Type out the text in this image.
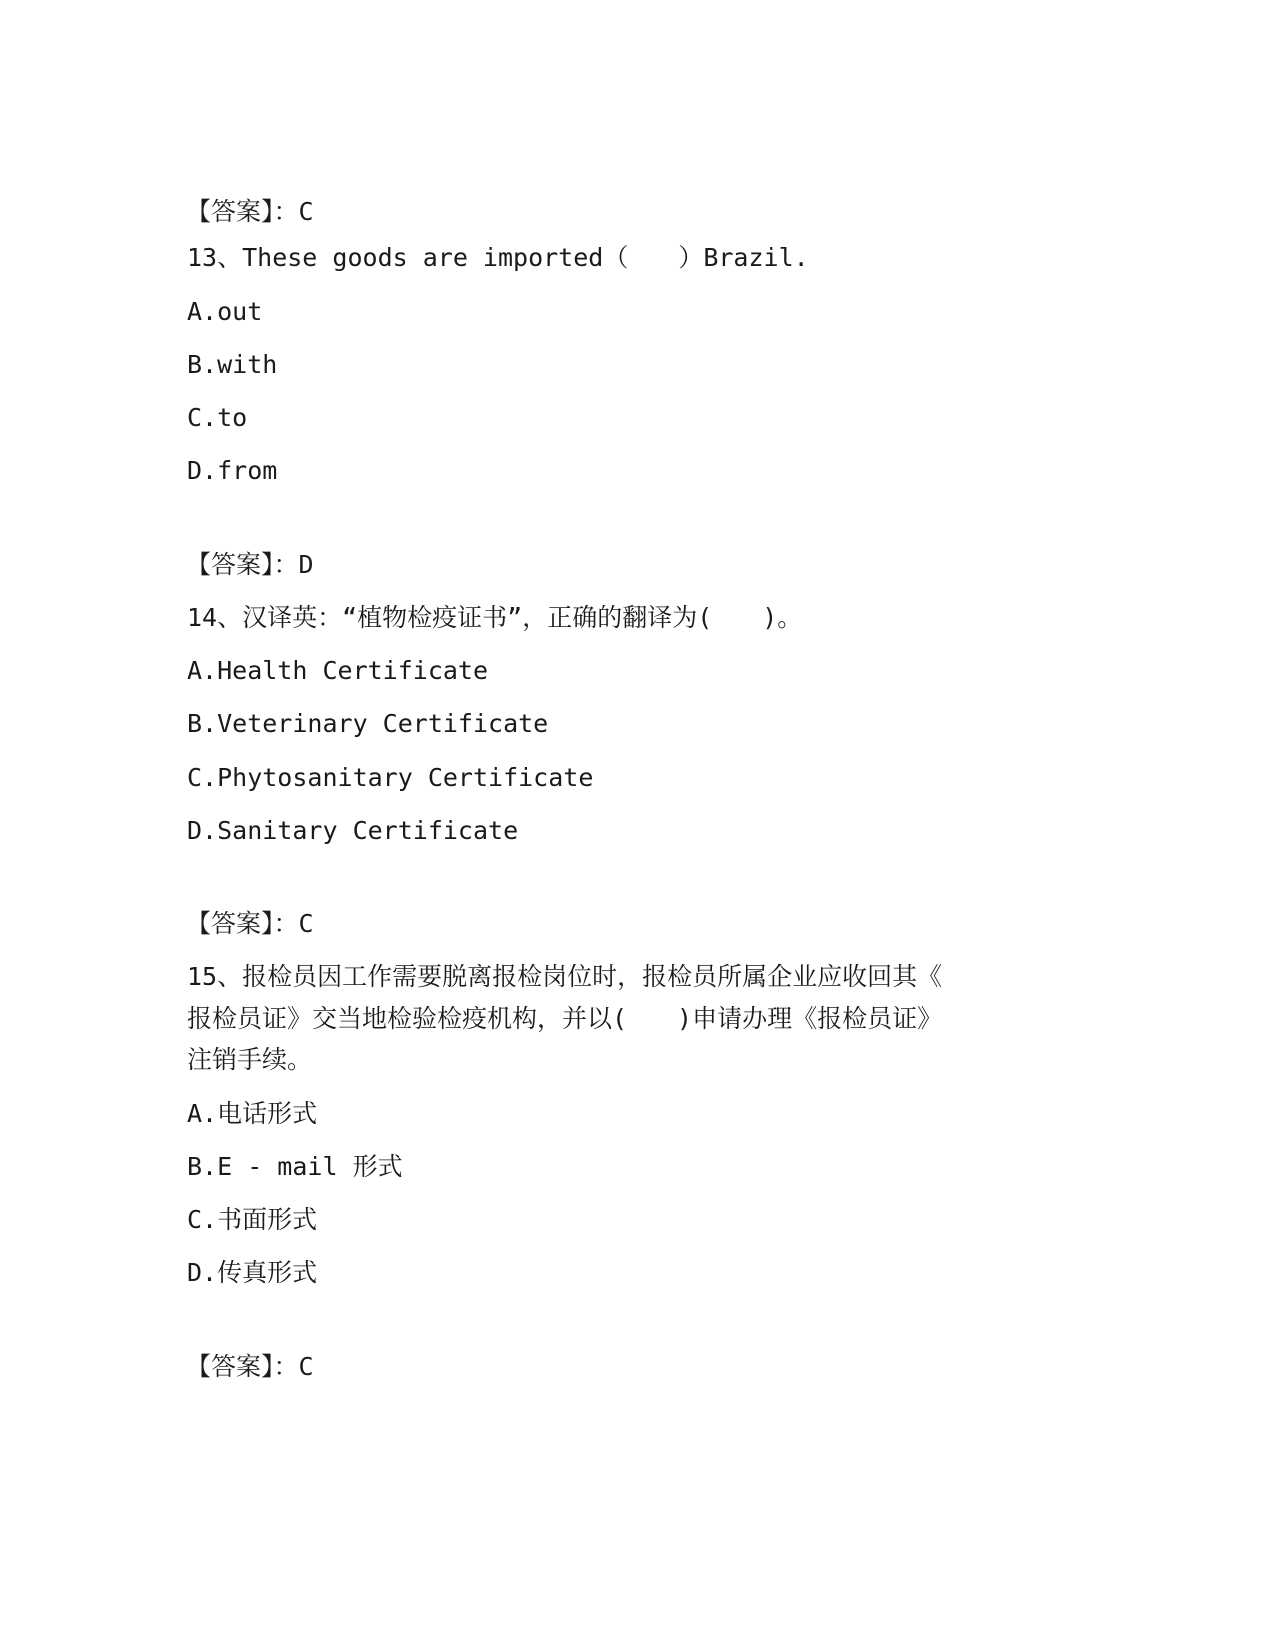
【答案】：C
13、These goods are imported（　　）Brazil.
A.out
B.with
C.to
D.from
【答案】：D
14、汉译英：“植物检疫证书”，正确的翻译为(　　)。
A.Health Certificate
B.Veterinary Certificate
C.Phytosanitary Certificate
D.Sanitary Certificate
【答案】：C
15、报检员因工作需要脱离报检岗位时，报检员所属企业应收回其《
报检员证》交当地检验检疫机构，并以(　　)申请办理《报检员证》
注销手续。
A.电话形式
B.E - mail 形式
C.书面形式
D.传真形式
【答案】：C
